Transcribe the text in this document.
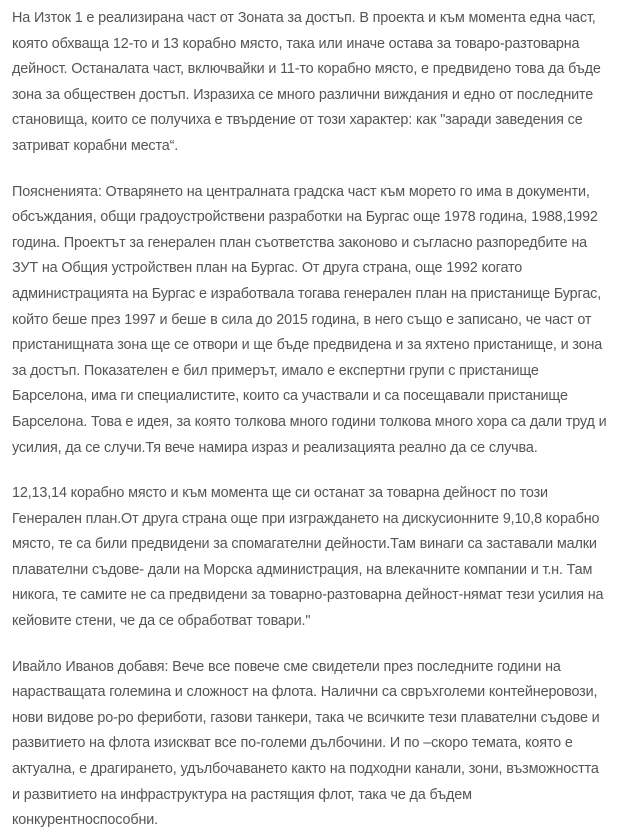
На Изток 1 е реализирана част от Зоната за достъп. В проекта и към момента една част, която обхваща 12-то и 13 корабно място, така или иначе остава за товаро-разтоварна дейност. Останалата част, включвайки и 11-то корабно място, е предвидено това да бъде зона за обществен достъп. Изразиха се много различни виждания и едно от последните становища, които се получиха е твърдение от този характер: как "заради заведения се затриват корабни места“.

Поясненията: Отварянето на централната градска част към морето го има в документи, обсъждания, общи градоустройствени разработки на Бургас още 1978 година, 1988,1992 година. Проектът за генерален план съответства законово и съгласно разпоредбите на ЗУТ на Общия устройствен план на Бургас. От друга страна, още 1992 когато администрацията на Бургас е изработвала тогава генерален план на пристанище Бургас, който беше през 1997 и беше в сила до 2015 година, в него също е записано, че част от пристанищната зона ще се отвори и ще бъде предвидена и за яхтено пристанище, и зона за достъп. Показателен е бил примерът, имало е експертни групи с пристанище Барселона, има ги специалистите, които са участвали и са посещавали пристанище Барселона. Това е идея, за която толкова много години толкова много хора са дали труд и усилия, да се случи.Тя вече намира израз и реализацията реално да се случва.

12,13,14 корабно място и към момента ще си останат за товарна дейност по този Генерален план.От друга страна още при изграждането на дискусионните 9,10,8 корабно място, те са били предвидени за спомагателни дейности.Там винаги са заставали малки плавателни съдове- дали на Морска администрация, на влекачните компании и т.н. Там никога, те самите не са предвидени за товарно-разтоварна дейност-нямат тези усилия на кейовите стени, че да се обработват товари."

Ивайло Иванов добавя: Вече все повече сме свидетели през последните години на нарастващата големина и сложност на флота. Налични са свръхголеми контейнеровози, нови видове ро-ро фериботи, газови танкери, така че всичките тези плавателни съдове и развитието на флота изискват все по-големи дълбочини. И по –скоро темата, която е актуална, е драгирането, удълбочаването както на подходни канали, зони, възможността и развитието на инфраструктура на растящия флот, така че да бъдем конкурентноспособни.
